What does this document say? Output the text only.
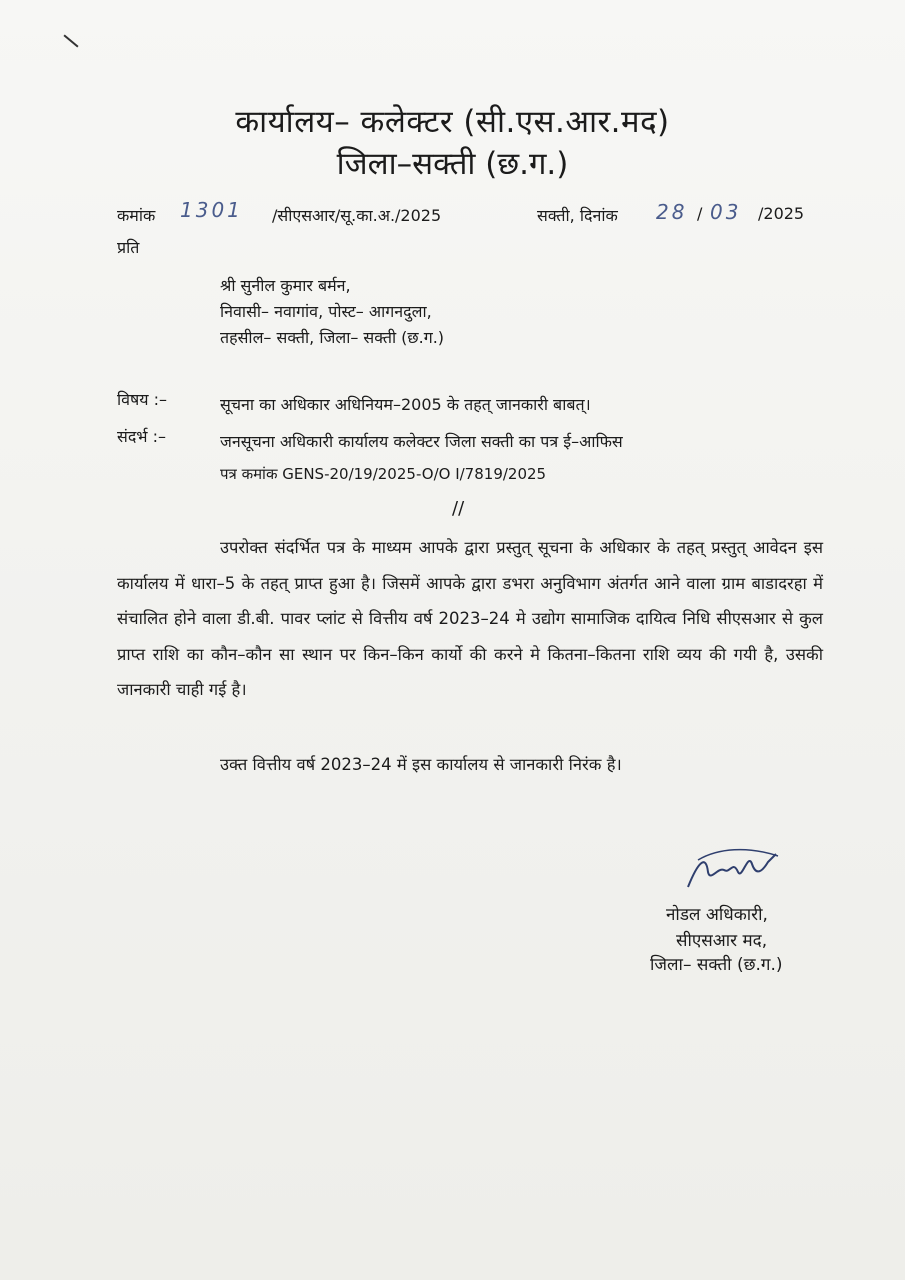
कार्यालय– कलेक्टर (सी.एस.आर.मद)
जिला–सक्ती (छ.ग.)
कमांक 1301 /सीएसआर/सू.का.अ./2025	सक्ती, दिनांक 28 / 03 /2025
प्रति
श्री सुनील कुमार बर्मन,
निवासी– नवागांव, पोस्ट– आगनदुला,
तहसील– सक्ती, जिला– सक्ती (छ.ग.)
विषय :–	सूचना का अधिकार अधिनियम–2005 के तहत् जानकारी बाबत्।
संदर्भ :–	जनसूचना अधिकारी कार्यालय कलेक्टर जिला सक्ती का पत्र ई–आफिस
पत्र कमांक GENS-20/19/2025-O/O I/7819/2025
//
उपरोक्त संदर्भित पत्र के माध्यम आपके द्वारा प्रस्तुत् सूचना के अधिकार के तहत् प्रस्तुत् आवेदन इस कार्यालय में धारा–5 के तहत् प्राप्त हुआ है। जिसमें आपके द्वारा डभरा अनुविभाग अंतर्गत आने वाला ग्राम बाडादरहा में संचालित होने वाला डी.बी. पावर प्लांट से वित्तीय वर्ष 2023–24 मे उद्योग सामाजिक दायित्व निधि सीएसआर से कुल प्राप्त राशि का कौन–कौन सा स्थान पर किन–किन कार्यो की करने मे कितना–कितना राशि व्यय की गयी है, उसकी जानकारी चाही गई है।
उक्त वित्तीय वर्ष 2023–24 में इस कार्यालय से जानकारी निरंक है।
नोडल अधिकारी,
सीएसआर मद,
जिला– सक्ती (छ.ग.)
